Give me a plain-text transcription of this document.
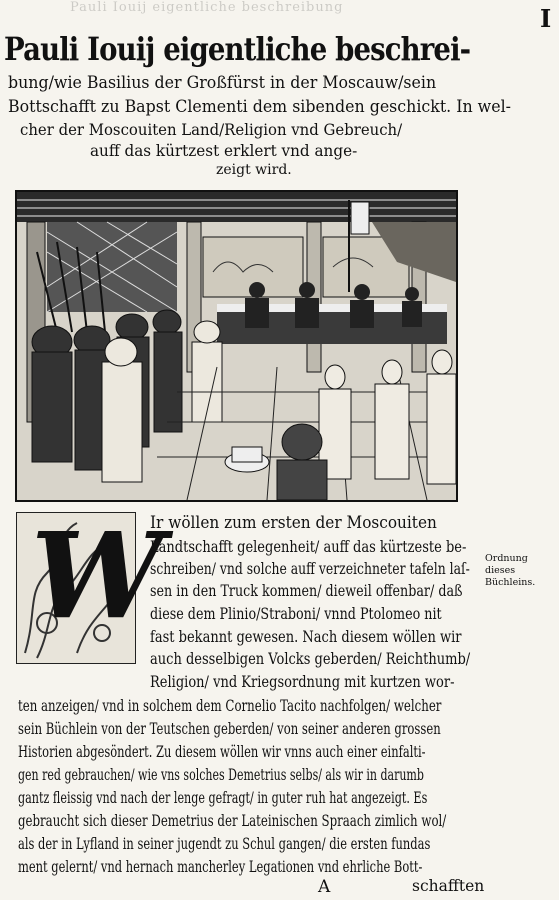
Pauli Iouij eigentliche beschreibung	I
Pauli Iouij eigentliche beschrei-
bung/wie Basilius der Großfürst in der Moscauw/sein
Bottschafft zu Bapst Clementi dem sibenden geschickt. In wel-
cher der Moscouiten Land/Religion vnd Gebreuch/
auff das kürtzest erklert vnd ange-
zeigt wird.
W
Ir wöllen zum ersten der Moscouiten
Landtschafft gelegenheit/ auff das kürtzeste be-
schreiben/ vnd solche auff verzeichneter tafeln laſ-
sen in den Truck kommen/ dieweil offenbar/ daß
diese dem Plinio/Straboni/ vnnd Ptolomeo nit
fast bekannt gewesen. Nach diesem wöllen wir
auch desselbigen Volcks geberden/ Reichthumb/
Religion/ vnd Kriegsordnung mit kurtzen wor-
ten anzeigen/ vnd in solchem dem Cornelio Tacito nachfolgen/ welcher
sein Büchlein von der Teutschen geberden/ von seiner anderen grossen
Historien abgesöndert. Zu diesem wöllen wir vnns auch einer einfalti-
gen red gebrauchen/ wie vns solches Demetrius selbs/ als wir in darumb
gantz fleissig vnd nach der lenge gefragt/ in guter ruh hat angezeigt. Es
gebraucht sich dieser Demetrius der Lateinischen Spraach zimlich wol/
als der in Lyfland in seiner jugendt zu Schul gangen/ die ersten fundas
ment gelernt/ vnd hernach mancherley Legationen vnd ehrliche Bott-
Ordnung dieses Büchleins.
A	schafften
